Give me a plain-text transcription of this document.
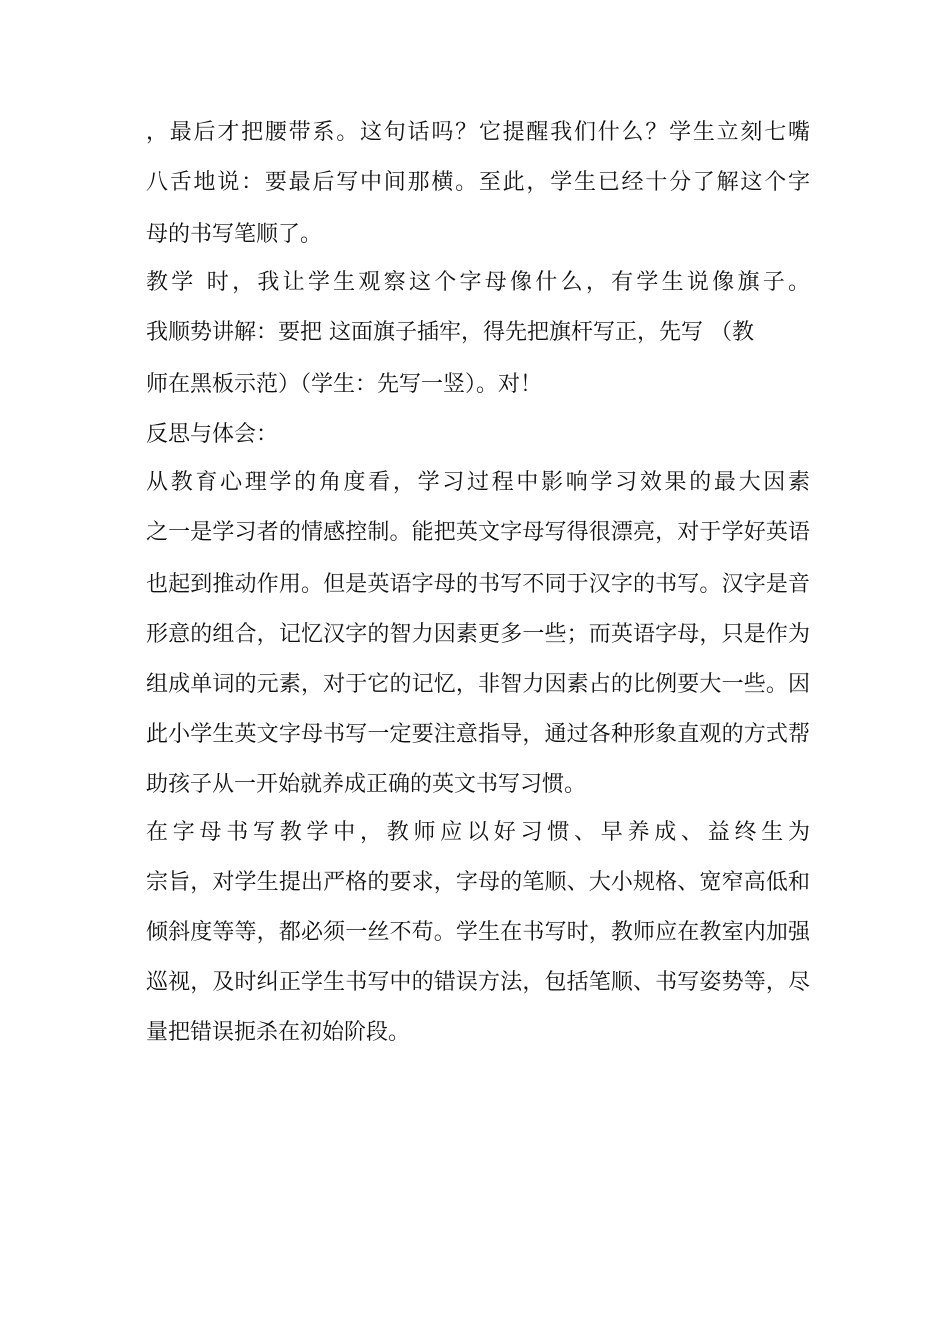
，最后才把腰带系。这句话吗？它提醒我们什么？学生立刻七嘴

八舌地说：要最后写中间那横。至此，学生已经十分了解这个字

母的书写笔顺了。

教学 时，我让学生观察这个字母像什么，有学生说像旗子。

我顺势讲解：要把 这面旗子插牢，得先把旗杆写正，先写 （教

师在黑板示范）（学生：先写一竖）。对！

反思与体会：

从教育心理学的角度看，学习过程中影响学习效果的最大因素

之一是学习者的情感控制。能把英文字母写得很漂亮，对于学好英语

也起到推动作用。但是英语字母的书写不同于汉字的书写。汉字是音

形意的组合，记忆汉字的智力因素更多一些；而英语字母，只是作为

组成单词的元素，对于它的记忆，非智力因素占的比例要大一些。因

此小学生英文字母书写一定要注意指导，通过各种形象直观的方式帮

助孩子从一开始就养成正确的英文书写习惯。

在字母书写教学中，教师应以好习惯、早养成、益终生为

宗旨，对学生提出严格的要求，字母的笔顺、大小规格、宽窄高低和

倾斜度等等，都必须一丝不苟。学生在书写时，教师应在教室内加强

巡视，及时纠正学生书写中的错误方法，包括笔顺、书写姿势等，尽

量把错误扼杀在初始阶段。
